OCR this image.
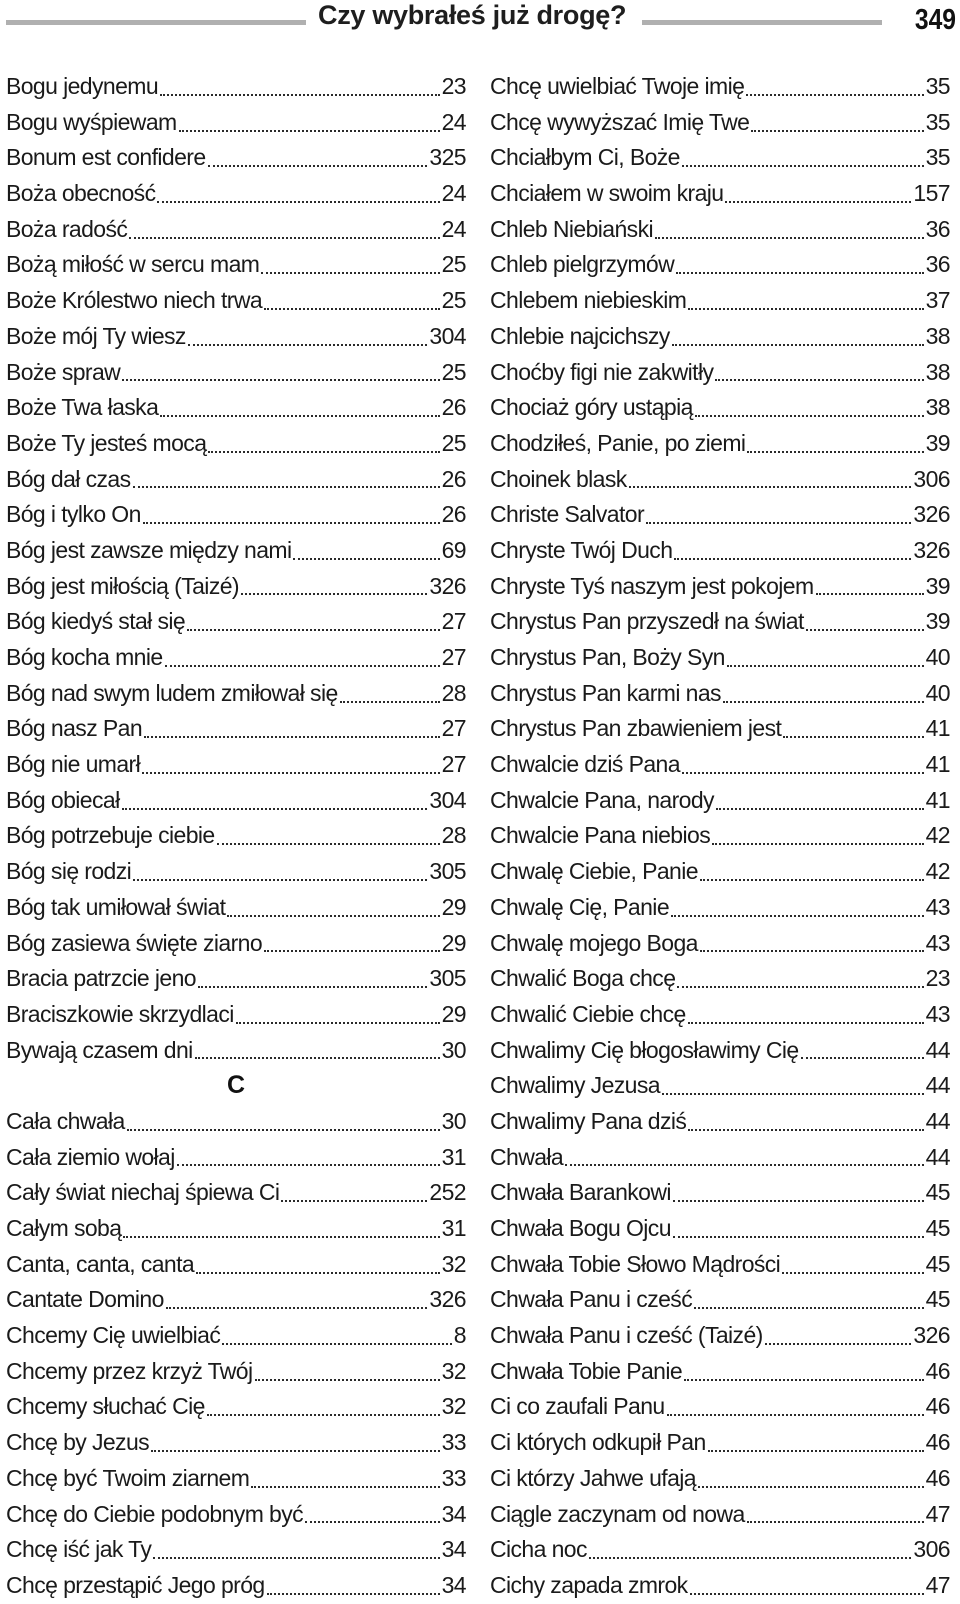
Czy wybrałeś już drogę?	349
Bogu jedynemu	23
Bogu wyśpiewam	24
Bonum est confidere	325
Boża obecność	24
Boża radość	24
Bożą miłość w sercu mam	25
Boże Królestwo niech trwa	25
Boże mój Ty wiesz	304
Boże spraw	25
Boże Twa łaska	26
Boże Ty jesteś mocą	25
Bóg dał czas	26
Bóg i tylko On	26
Bóg jest zawsze między nami	69
Bóg jest miłością (Taizé)	326
Bóg kiedyś stał się	27
Bóg kocha mnie	27
Bóg nad swym ludem zmiłował się	28
Bóg nasz Pan	27
Bóg nie umarł	27
Bóg obiecał	304
Bóg potrzebuje ciebie	28
Bóg się rodzi	305
Bóg tak umiłował świat	29
Bóg zasiewa święte ziarno	29
Bracia patrzcie jeno	305
Braciszkowie skrzydlaci	29
Bywają czasem dni	30
C
Cała chwała	30
Cała ziemio wołaj	31
Cały świat niechaj śpiewa Ci	252
Całym sobą	31
Canta, canta, canta	32
Cantate Domino	326
Chcemy Cię uwielbiać	8
Chcemy przez krzyż Twój	32
Chcemy słuchać Cię	32
Chcę by Jezus	33
Chcę być Twoim ziarnem	33
Chcę do Ciebie podobnym być	34
Chcę iść jak Ty	34
Chcę przestąpić Jego próg	34
Chcę uwielbiać Twoje imię	35
Chcę wywyższać Imię Twe	35
Chciałbym Ci, Boże	35
Chciałem w swoim kraju	157
Chleb Niebiański	36
Chleb pielgrzymów	36
Chlebem niebieskim	37
Chlebie najcichszy	38
Choćby figi nie zakwitły	38
Chociaż góry ustąpią	38
Chodziłeś, Panie, po ziemi	39
Choinek blask	306
Christe Salvator	326
Chryste Twój Duch	326
Chryste Tyś naszym jest pokojem	39
Chrystus Pan przyszedł na świat	39
Chrystus Pan, Boży Syn	40
Chrystus Pan karmi nas	40
Chrystus Pan zbawieniem jest	41
Chwalcie dziś Pana	41
Chwalcie Pana, narody	41
Chwalcie Pana niebios	42
Chwalę Ciebie, Panie	42
Chwalę Cię, Panie	43
Chwalę mojego Boga	43
Chwalić Boga chcę	23
Chwalić Ciebie chcę	43
Chwalimy Cię błogosławimy Cię	44
Chwalimy Jezusa	44
Chwalimy Pana dziś	44
Chwała	44
Chwała Barankowi	45
Chwała Bogu Ojcu	45
Chwała Tobie Słowo Mądrości	45
Chwała Panu i cześć	45
Chwała Panu i cześć (Taizé)	326
Chwała Tobie Panie	46
Ci co zaufali Panu	46
Ci których odkupił Pan	46
Ci którzy Jahwe ufają	46
Ciągle zaczynam od nowa	47
Cicha noc	306
Cichy zapada zmrok	47
